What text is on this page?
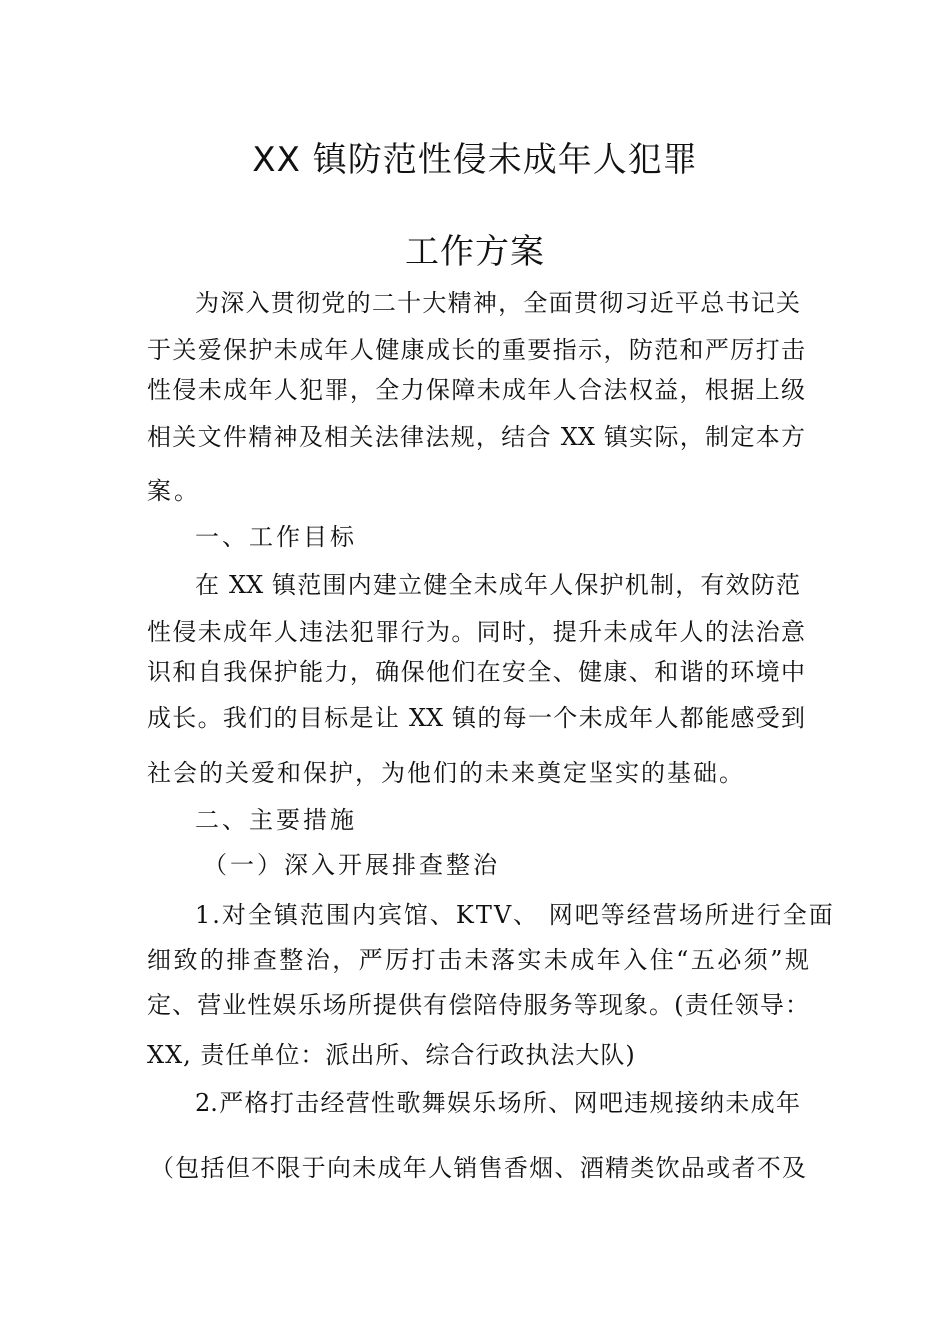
XX 镇防范性侵未成年人犯罪
工作方案
为深入贯彻党的二十大精神，全面贯彻习近平总书记关
于关爱保护未成年人健康成长的重要指示，防范和严厉打击
性侵未成年人犯罪，全力保障未成年人合法权益，根据上级
相关文件精神及相关法律法规，结合 XX 镇实际，制定本方
案。
一、工作目标
在 XX 镇范围内建立健全未成年人保护机制，有效防范
性侵未成年人违法犯罪行为。同时，提升未成年人的法治意
识和自我保护能力，确保他们在安全、健康、和谐的环境中
成长。我们的目标是让 XX 镇的每一个未成年人都能感受到
社会的关爱和保护，为他们的未来奠定坚实的基础。
二、主要措施
（一）深入开展排查整治
1.对全镇范围内宾馆、KTV、 网吧等经营场所进行全面
细致的排查整治，严厉打击未落实未成年入住“五必须”规
定、营业性娱乐场所提供有偿陪侍服务等现象。(责任领导：
XX, 责任单位：派出所、综合行政执法大队)
2.严格打击经营性歌舞娱乐场所、网吧违规接纳未成年
（包括但不限于向未成年人销售香烟、酒精类饮品或者不及
